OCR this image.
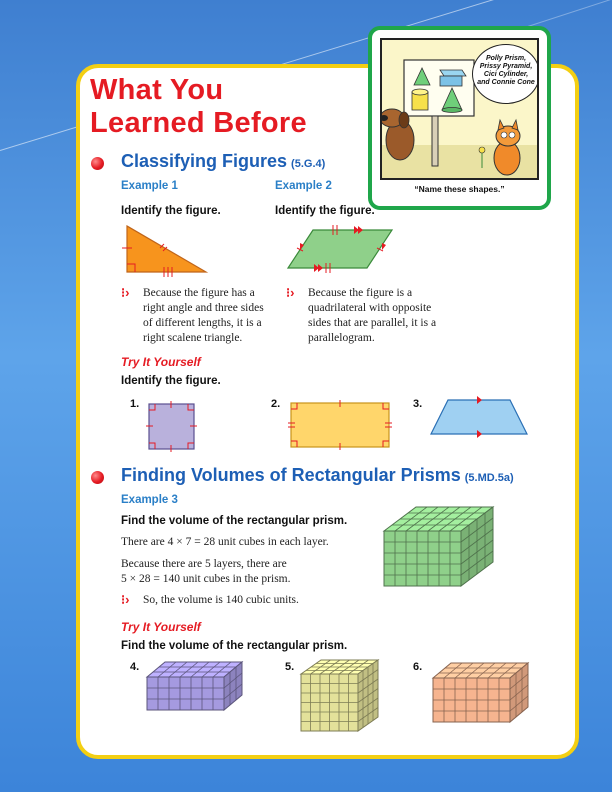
What You
Learned Before
Polly Prism, Prissy Pyramid, Cici Cylinder, and Connie Cone
“Name these shapes.”
Classifying Figures (5.G.4)
Example 1	Example 2
Identify the figure.	Identify the figure.
⁝› Because the figure has a
right angle and three sides
of different lengths, it is a
right scalene triangle.
⁝› Because the figure is a
quadrilateral with opposite
sides that are parallel, it is a
parallelogram.
Try It Yourself
Identify the figure.
1.	2.	3.
Finding Volumes of Rectangular Prisms (5.MD.5a)
Example 3
Find the volume of the rectangular prism.
There are 4 × 7 = 28 unit cubes in each layer.
Because there are 5 layers, there are
5 × 28 = 140 unit cubes in the prism.
⁝› So, the volume is 140 cubic units.
Try It Yourself
Find the volume of the rectangular prism.
4.	5.	6.
